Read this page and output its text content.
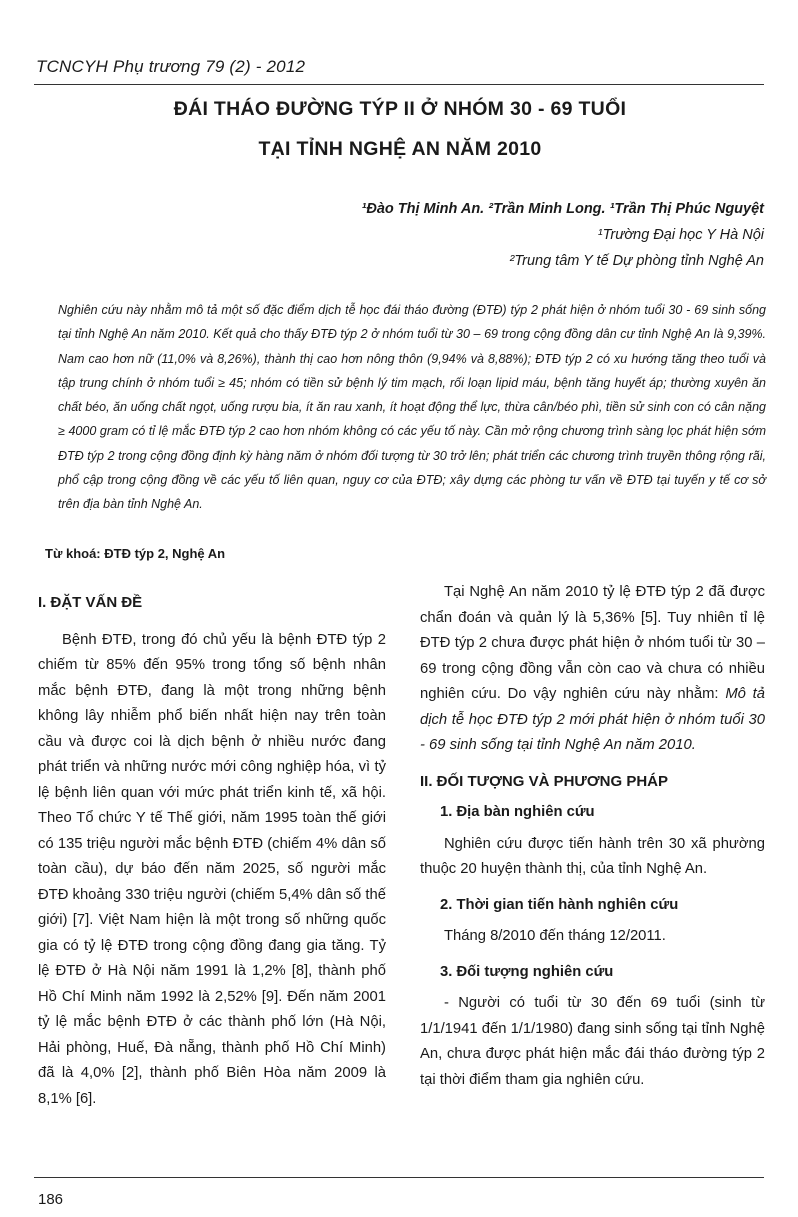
TCNCYH Phụ trương 79 (2) - 2012
ĐÁI THÁO ĐƯỜNG TÝP II Ở NHÓM 30 - 69 TUỔI
TẠI TỈNH NGHỆ AN NĂM 2010
¹Đào Thị Minh An. ²Trần Minh Long. ¹Trần Thị Phúc Nguyệt
¹Trường Đại học Y Hà Nội
²Trung tâm Y tế Dự phòng tỉnh Nghệ An
Nghiên cứu này nhằm mô tả một số đặc điểm dịch tễ học đái tháo đường (ĐTĐ) týp 2 phát hiện ở nhóm tuổi 30 - 69 sinh sống tại tỉnh Nghệ An năm 2010. Kết quả cho thấy ĐTĐ týp 2 ở nhóm tuổi từ 30 – 69 trong cộng đồng dân cư tỉnh Nghệ An là 9,39%. Nam cao hơn nữ (11,0% và 8,26%), thành thị cao hơn nông thôn (9,94% và 8,88%); ĐTĐ týp 2 có xu hướng tăng theo tuổi và tập trung chính ở nhóm tuổi ≥ 45; nhóm có tiền sử bệnh lý tim mạch, rối loạn lipid máu, bệnh tăng huyết áp; thường xuyên ăn chất béo, ăn uống chất ngọt, uống rượu bia, ít ăn rau xanh, ít hoạt động thể lực, thừa cân/béo phì, tiền sử sinh con có cân nặng ≥ 4000 gram có tỉ lệ mắc ĐTĐ týp 2 cao hơn nhóm không có các yếu tố này. Cần mở rộng chương trình sàng lọc phát hiện sớm ĐTĐ týp 2 trong cộng đồng định kỳ hàng năm ở nhóm đối tượng từ 30 trở lên; phát triển các chương trình truyền thông rộng rãi, phổ cập trong cộng đồng về các yếu tố liên quan, nguy cơ của ĐTĐ; xây dựng các phòng tư vấn về ĐTĐ tại tuyến y tế cơ sở trên địa bàn tỉnh Nghệ An.
Từ khoá: ĐTĐ týp 2, Nghệ An

I. ĐẶT VẤN ĐỀ

Bệnh ĐTĐ, trong đó chủ yếu là bệnh ĐTĐ týp 2 chiếm từ 85% đến 95% trong tổng số bệnh nhân mắc bệnh ĐTĐ, đang là một trong những bệnh không lây nhiễm phổ biến nhất hiện nay trên toàn cầu và được coi là dịch bệnh ở nhiều nước đang phát triển và những nước mới công nghiệp hóa, vì tỷ lệ bệnh liên quan với mức phát triển kinh tế, xã hội. Theo Tổ chức Y tế Thế giới, năm 1995 toàn thế giới có 135 triệu người mắc bệnh ĐTĐ (chiếm 4% dân số toàn cầu), dự báo đến năm 2025, số người mắc ĐTĐ khoảng 330 triệu người (chiếm 5,4% dân số thế giới) [7]. Việt Nam hiện là một trong số những quốc gia có tỷ lệ ĐTĐ trong cộng đồng đang gia tăng. Tỷ lệ ĐTĐ ở Hà Nội năm 1991 là 1,2% [8], thành phố Hồ Chí Minh năm 1992 là 2,52% [9]. Đến năm 2001 tỷ lệ mắc bệnh ĐTĐ ở các thành phố lớn (Hà Nội, Hải phòng, Huế, Đà nẵng, thành phố Hồ Chí Minh) đã là 4,0% [2], thành phố Biên Hòa năm 2009 là 8,1% [6].

Tại Nghệ An năm 2010 tỷ lệ ĐTĐ týp 2 đã được chẩn đoán và quản lý là 5,36% [5]. Tuy nhiên tỉ lệ ĐTĐ týp 2 chưa được phát hiện ở nhóm tuổi từ 30 – 69 trong cộng đồng vẫn còn cao và chưa có nhiều nghiên cứu. Do vậy nghiên cứu này nhằm: Mô tả dịch tễ học ĐTĐ týp 2 mới phát hiện ở nhóm tuổi 30 - 69 sinh sống tại tỉnh Nghệ An năm 2010.

II. ĐỐI TƯỢNG VÀ PHƯƠNG PHÁP

1. Địa bàn nghiên cứu

Nghiên cứu được tiến hành trên 30 xã phường thuộc 20 huyện thành thị, của tỉnh Nghệ An.

2. Thời gian tiến hành nghiên cứu

Tháng 8/2010 đến tháng 12/2011.

3. Đối tượng nghiên cứu

- Người có tuổi từ 30 đến 69 tuổi (sinh từ 1/1/1941 đến 1/1/1980) đang sinh sống tại tỉnh Nghệ An, chưa được phát hiện mắc đái tháo đường týp 2 tại thời điểm tham gia nghiên cứu.

186
